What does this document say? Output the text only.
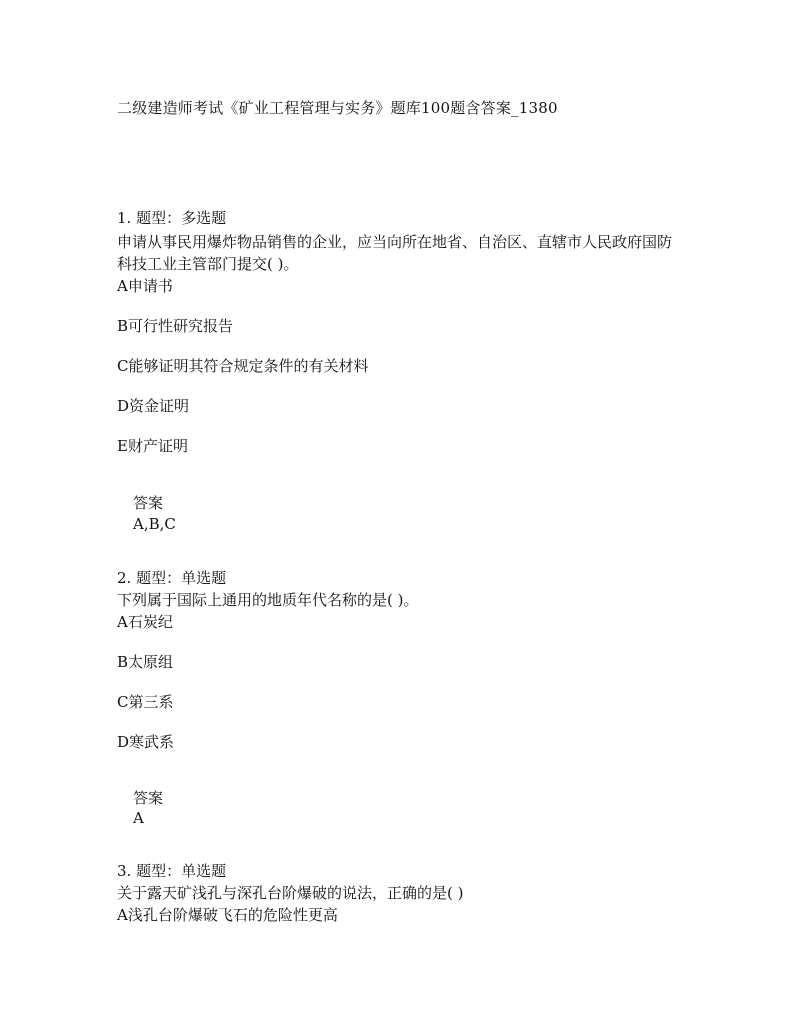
二级建造师考试《矿业工程管理与实务》题库100题含答案_1380
1. 题型：多选题
申请从事民用爆炸物品销售的企业，应当向所在地省、自治区、直辖市人民政府国防
科技工业主管部门提交( )。
A申请书
B可行性研究报告
C能够证明其符合规定条件的有关材料
D资金证明
E财产证明
答案
A,B,C
2. 题型：单选题
下列属于国际上通用的地质年代名称的是( )。
A石炭纪
B太原组
C第三系
D寒武系
答案
A
3. 题型：单选题
关于露天矿浅孔与深孔台阶爆破的说法，正确的是( )
A浅孔台阶爆破飞石的危险性更高
